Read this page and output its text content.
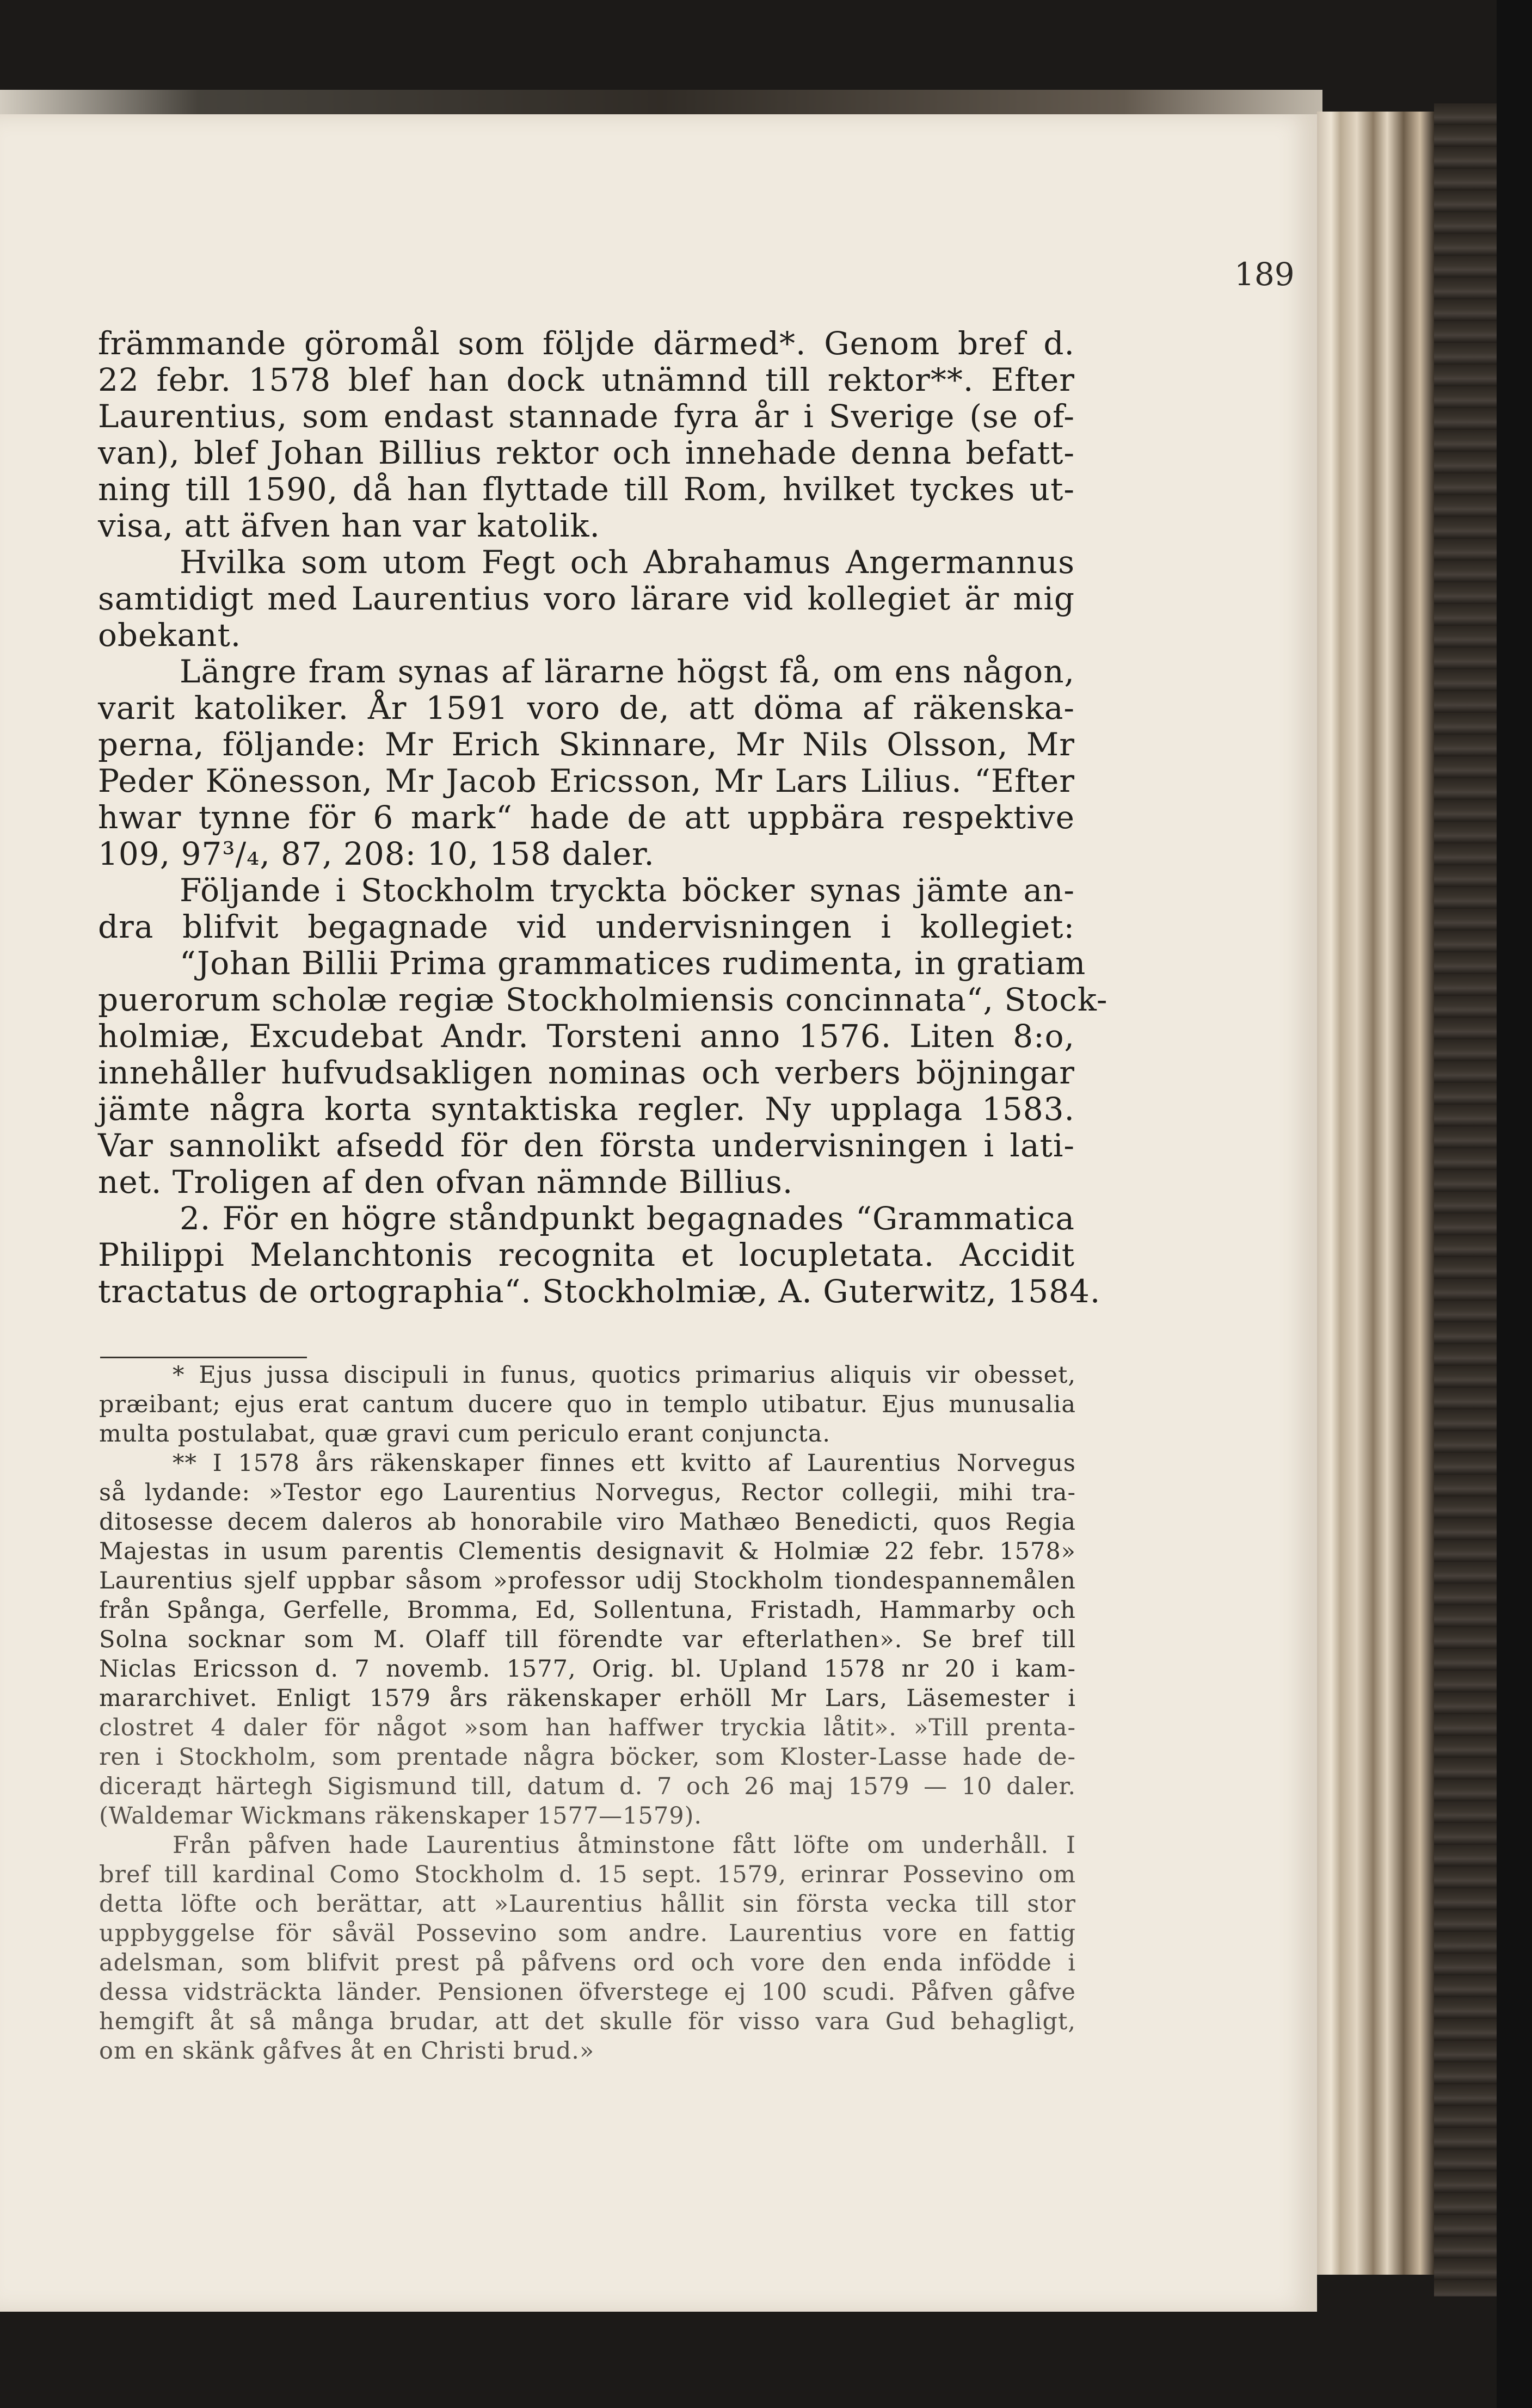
189
främmande göromål som följde därmed*. Genom bref d.
22 febr. 1578 blef han dock utnämnd till rektor**. Efter
Laurentius, som endast stannade fyra år i Sverige (se of-
van), blef Johan Billius rektor och innehade denna befatt-
ning till 1590, då han flyttade till Rom, hvilket tyckes ut-
visa, att äfven han var katolik.
Hvilka som utom Fegt och Abrahamus Angermannus
samtidigt med Laurentius voro lärare vid kollegiet är mig
obekant.
Längre fram synas af lärarne högst få, om ens någon,
varit katoliker. År 1591 voro de, att döma af räkenska-
perna, följande: Mr Erich Skinnare, Mr Nils Olsson, Mr
Peder Könesson, Mr Jacob Ericsson, Mr Lars Lilius. “Efter
hwar tynne för 6 mark“ hade de att uppbära respektive
109, 97³/₄, 87, 208: 10, 158 daler.
Följande i Stockholm tryckta böcker synas jämte an-
dra blifvit begagnade vid undervisningen i kollegiet:
“Johan Billii Prima grammatices rudimenta, in gratiam
puerorum scholæ regiæ Stockholmiensis concinnata“, Stock-
holmiæ, Excudebat Andr. Torsteni anno 1576. Liten 8:o,
innehåller hufvudsakligen nominas och verbers böjningar
jämte några korta syntaktiska regler. Ny upplaga 1583.
Var sannolikt afsedd för den första undervisningen i lati-
net. Troligen af den ofvan nämnde Billius.
2. För en högre ståndpunkt begagnades “Grammatica
Philippi Melanchtonis recognita et locupletata. Accidit
tractatus de ortographia“. Stockholmiæ, A. Guterwitz, 1584.
* Ejus jussa discipuli in funus, quotics primarius aliquis vir obesset,
præibant; ejus erat cantum ducere quo in templo utibatur. Ejus munusalia
multa postulabat, quæ gravi cum periculo erant conjuncta.
** I 1578 års räkenskaper finnes ett kvitto af Laurentius Norvegus
så lydande: »Testor ego Laurentius Norvegus, Rector collegii, mihi tra-
ditosesse decem daleros ab honorabile viro Mathæo Benedicti, quos Regia
Majestas in usum parentis Clementis designavit & Holmiæ 22 febr. 1578»
Laurentius sjelf uppbar såsom »professor udij Stockholm tiondespannemålen
från Spånga, Gerfelle, Bromma, Ed, Sollentuna, Fristadh, Hammarby och
Solna socknar som M. Olaff till förendte var efterlathen». Se bref till
Niclas Ericsson d. 7 novemb. 1577, Orig. bl. Upland 1578 nr 20 i kam-
mararchivet. Enligt 1579 års räkenskaper erhöll Mr Lars, Läsemester i
clostret 4 daler för något »som han haffwer tryckia låtit». »Till prenta-
ren i Stockholm, som prentade några böcker, som Kloster-Lasse hade de-
dicerадt härtegh Sigismund till, datum d. 7 och 26 maj 1579 — 10 daler.
(Waldemar Wickmans räkenskaper 1577—1579).
Från påfven hade Laurentius åtminstone fått löfte om underhåll. I
bref till kardinal Como Stockholm d. 15 sept. 1579, erinrar Possevino om
detta löfte och berättar, att »Laurentius hållit sin första vecka till stor
uppbyggelse för såväl Possevino som andre. Laurentius vore en fattig
adelsman, som blifvit prest på påfvens ord och vore den enda infödde i
dessa vidsträckta länder. Pensionen öfverstege ej 100 scudi. Påfven gåfve
hemgift åt så många brudar, att det skulle för visso vara Gud behagligt,
om en skänk gåfves åt en Christi brud.»
